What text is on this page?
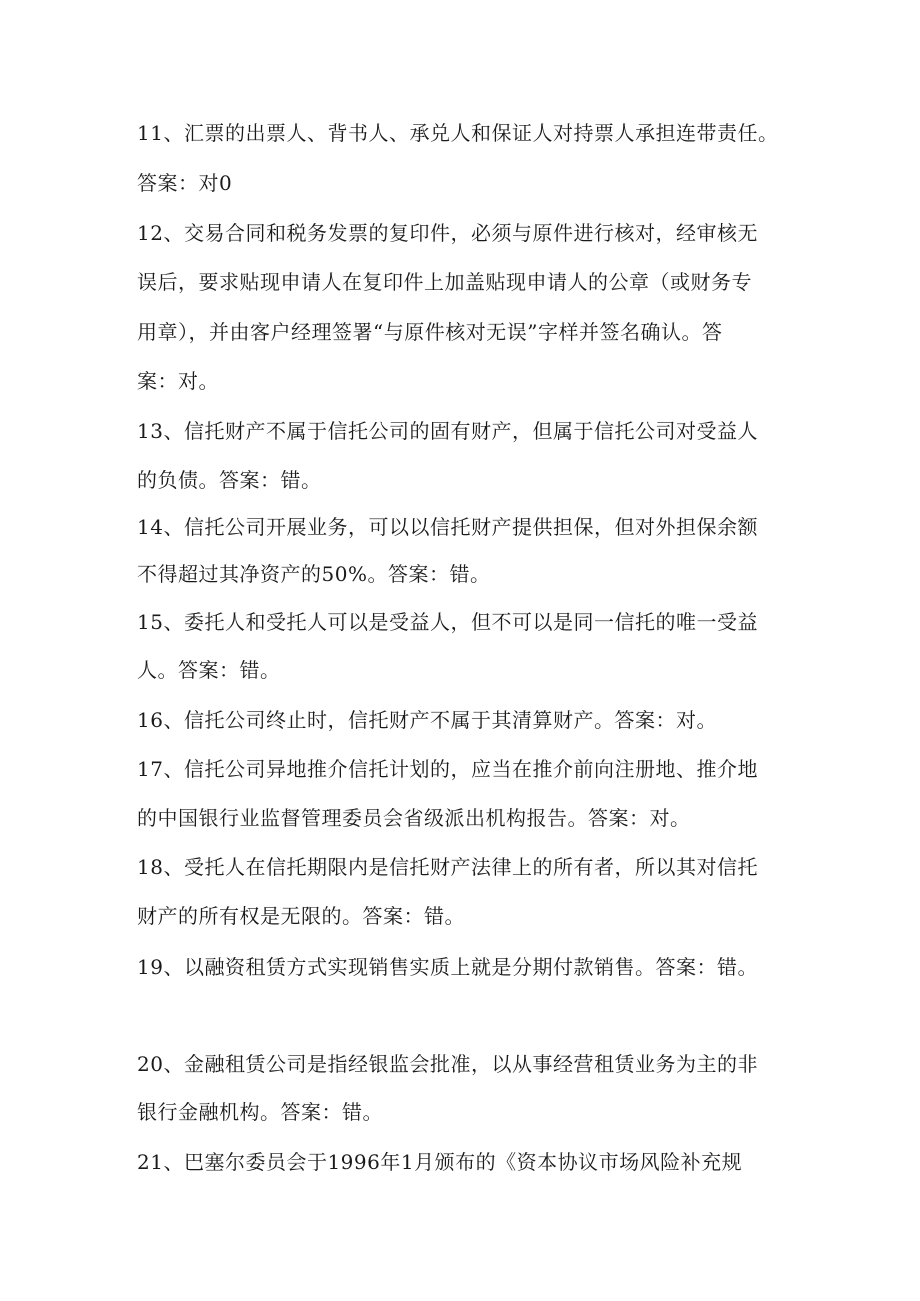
11、汇票的出票人、背书人、承兑人和保证人对持票人承担连带责任。
答案：对0
12、交易合同和税务发票的复印件，必须与原件进行核对，经审核无
误后，要求贴现申请人在复印件上加盖贴现申请人的公章（或财务专
用章），并由客户经理签署“与原件核对无误”字样并签名确认。答
案：对。
13、信托财产不属于信托公司的固有财产，但属于信托公司对受益人
的负债。答案：错。
14、信托公司开展业务，可以以信托财产提供担保，但对外担保余额
不得超过其净资产的50%。答案：错。
15、委托人和受托人可以是受益人，但不可以是同一信托的唯一受益
人。答案：错。
16、信托公司终止时，信托财产不属于其清算财产。答案：对。
17、信托公司异地推介信托计划的，应当在推介前向注册地、推介地
的中国银行业监督管理委员会省级派出机构报告。答案：对。
18、受托人在信托期限内是信托财产法律上的所有者，所以其对信托
财产的所有权是无限的。答案：错。
19、以融资租赁方式实现销售实质上就是分期付款销售。答案：错。
20、金融租赁公司是指经银监会批准，以从事经营租赁业务为主的非
银行金融机构。答案：错。
21、巴塞尔委员会于1996年1月颁布的《资本协议市场风险补充规
